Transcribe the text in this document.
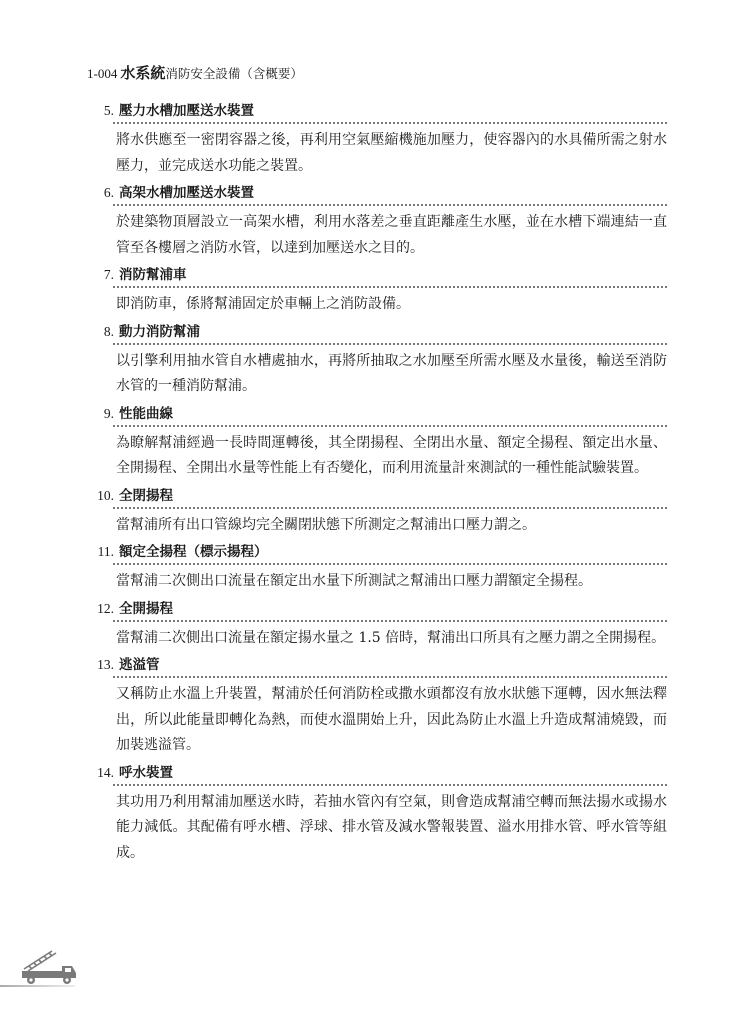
1-004 水系統 消防安全設備（含概要）
5. 壓力水槽加壓送水裝置
將水供應至一密閉容器之後，再利用空氣壓縮機施加壓力，使容器內的水具備所需之射水壓力，並完成送水功能之裝置。
6. 高架水槽加壓送水裝置
於建築物頂層設立一高架水槽，利用水落差之垂直距離產生水壓，並在水槽下端連結一直管至各樓層之消防水管，以達到加壓送水之目的。
7. 消防幫浦車
即消防車，係將幫浦固定於車輛上之消防設備。
8. 動力消防幫浦
以引擎利用抽水管自水槽處抽水，再將所抽取之水加壓至所需水壓及水量後，輸送至消防水管的一種消防幫浦。
9. 性能曲線
為瞭解幫浦經過一長時間運轉後，其全閉揚程、全閉出水量、額定全揚程、額定出水量、全開揚程、全開出水量等性能上有否變化，而利用流量計來測試的一種性能試驗裝置。
10. 全閉揚程
當幫浦所有出口管線均完全關閉狀態下所測定之幫浦出口壓力謂之。
11. 額定全揚程（標示揚程）
當幫浦二次側出口流量在額定出水量下所測試之幫浦出口壓力謂額定全揚程。
12. 全開揚程
當幫浦二次側出口流量在額定揚水量之 1.5 倍時，幫浦出口所具有之壓力謂之全開揚程。
13. 逃溢管
又稱防止水溫上升裝置，幫浦於任何消防栓或撒水頭都沒有放水狀態下運轉，因水無法釋出，所以此能量即轉化為熱，而使水溫開始上升，因此為防止水溫上升造成幫浦燒毀，而加裝逃溢管。
14. 呼水裝置
其功用乃利用幫浦加壓送水時，若抽水管內有空氣，則會造成幫浦空轉而無法揚水或揚水能力減低。其配備有呼水槽、浮球、排水管及減水警報裝置、溢水用排水管、呼水管等組成。
